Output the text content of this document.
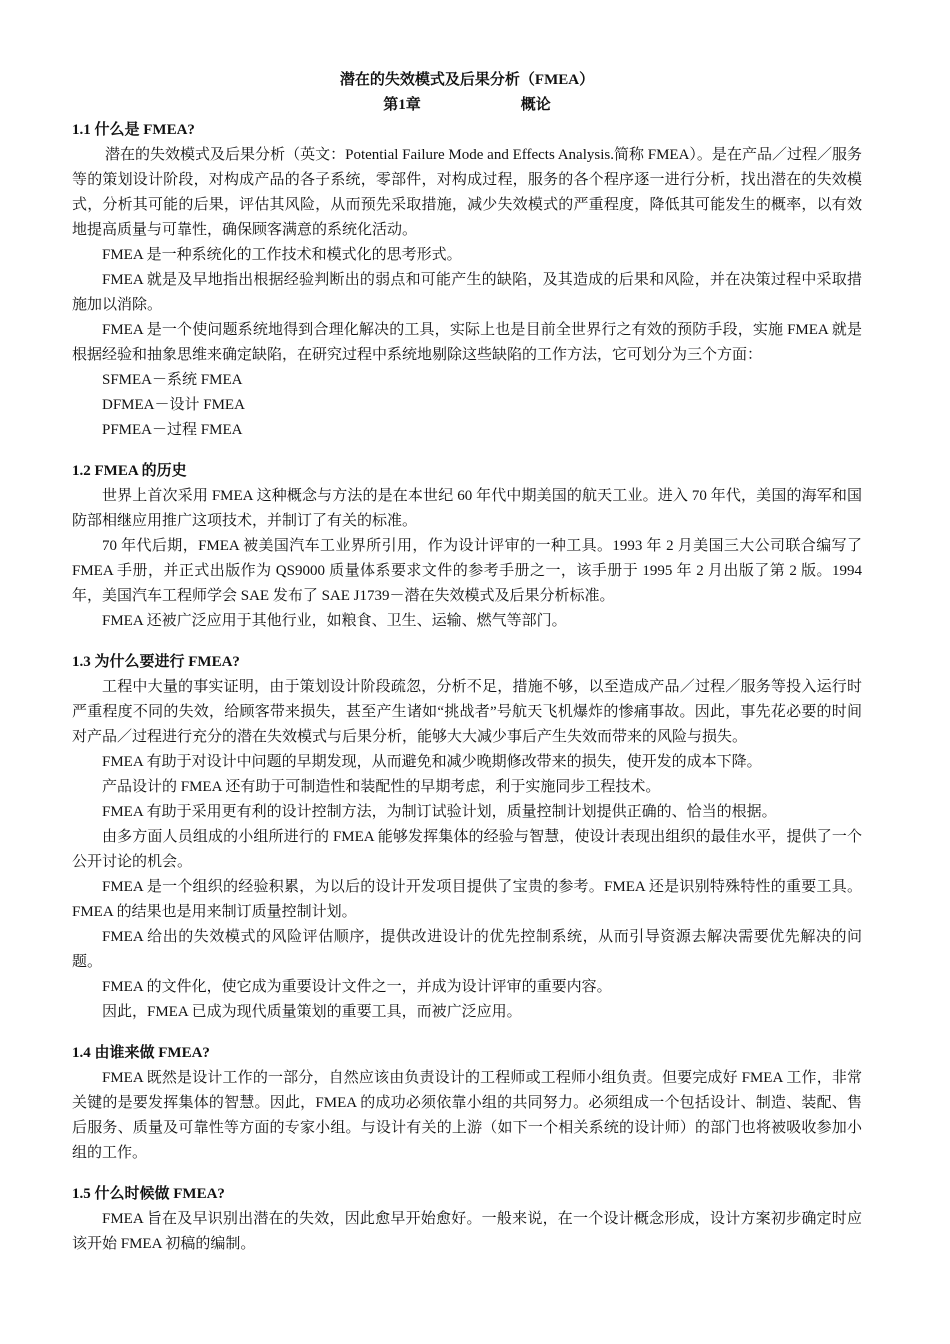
潜在的失效模式及后果分析（FMEA）
第1章	概论
1.1 什么是 FMEA?

潜在的失效模式及后果分析（英文：Potential Failure Mode and Effects Analysis.简称 FMEA）。是在产品／过程／服务等的策划设计阶段，对构成产品的各子系统，零部件，对构成过程，服务的各个程序逐一进行分析，找出潜在的失效模式，分析其可能的后果，评估其风险，从而预先采取措施，减少失效模式的严重程度，降低其可能发生的概率，以有效地提高质量与可靠性，确保顾客满意的系统化活动。

FMEA 是一种系统化的工作技术和模式化的思考形式。

FMEA 就是及早地指出根据经验判断出的弱点和可能产生的缺陷，及其造成的后果和风险，并在决策过程中采取措施加以消除。

FMEA 是一个使问题系统地得到合理化解决的工具，实际上也是目前全世界行之有效的预防手段，实施 FMEA 就是根据经验和抽象思维来确定缺陷，在研究过程中系统地剔除这些缺陷的工作方法，它可划分为三个方面：

SFMEA－系统 FMEA
DFMEA－设计 FMEA
PFMEA－过程 FMEA
1.2 FMEA 的历史

世界上首次采用 FMEA 这种概念与方法的是在本世纪 60 年代中期美国的航天工业。进入 70 年代，美国的海军和国防部相继应用推广这项技术，并制订了有关的标准。

70 年代后期，FMEA 被美国汽车工业界所引用，作为设计评审的一种工具。1993 年 2 月美国三大公司联合编写了 FMEA 手册，并正式出版作为 QS9000 质量体系要求文件的参考手册之一，该手册于 1995 年 2 月出版了第 2 版。1994 年，美国汽车工程师学会 SAE 发布了 SAE J1739－潜在失效模式及后果分析标准。

FMEA 还被广泛应用于其他行业，如粮食、卫生、运输、燃气等部门。

1.3 为什么要进行 FMEA?

工程中大量的事实证明，由于策划设计阶段疏忽，分析不足，措施不够，以至造成产品／过程／服务等投入运行时严重程度不同的失效，给顾客带来损失，甚至产生诸如“挑战者”号航天飞机爆炸的惨痛事故。因此，事先花必要的时间对产品／过程进行充分的潜在失效模式与后果分析，能够大大减少事后产生失效而带来的风险与损失。

FMEA 有助于对设计中问题的早期发现，从而避免和减少晚期修改带来的损失，使开发的成本下降。

产品设计的 FMEA 还有助于可制造性和装配性的早期考虑，利于实施同步工程技术。

FMEA 有助于采用更有利的设计控制方法，为制订试验计划，质量控制计划提供正确的、恰当的根据。

由多方面人员组成的小组所进行的 FMEA 能够发挥集体的经验与智慧，使设计表现出组织的最佳水平，提供了一个公开讨论的机会。

FMEA 是一个组织的经验积累，为以后的设计开发项目提供了宝贵的参考。FMEA 还是识别特殊特性的重要工具。FMEA 的结果也是用来制订质量控制计划。

FMEA 给出的失效模式的风险评估顺序，提供改进设计的优先控制系统，从而引导资源去解决需要优先解决的问题。

FMEA 的文件化，使它成为重要设计文件之一，并成为设计评审的重要内容。

因此，FMEA 已成为现代质量策划的重要工具，而被广泛应用。

1.4 由谁来做 FMEA?

FMEA 既然是设计工作的一部分，自然应该由负责设计的工程师或工程师小组负责。但要完成好 FMEA 工作，非常关键的是要发挥集体的智慧。因此，FMEA 的成功必须依靠小组的共同努力。必须组成一个包括设计、制造、装配、售后服务、质量及可靠性等方面的专家小组。与设计有关的上游（如下一个相关系统的设计师）的部门也将被吸收参加小组的工作。

1.5 什么时候做 FMEA?

FMEA 旨在及早识别出潜在的失效，因此愈早开始愈好。一般来说，在一个设计概念形成，设计方案初步确定时应该开始 FMEA 初稿的编制。
